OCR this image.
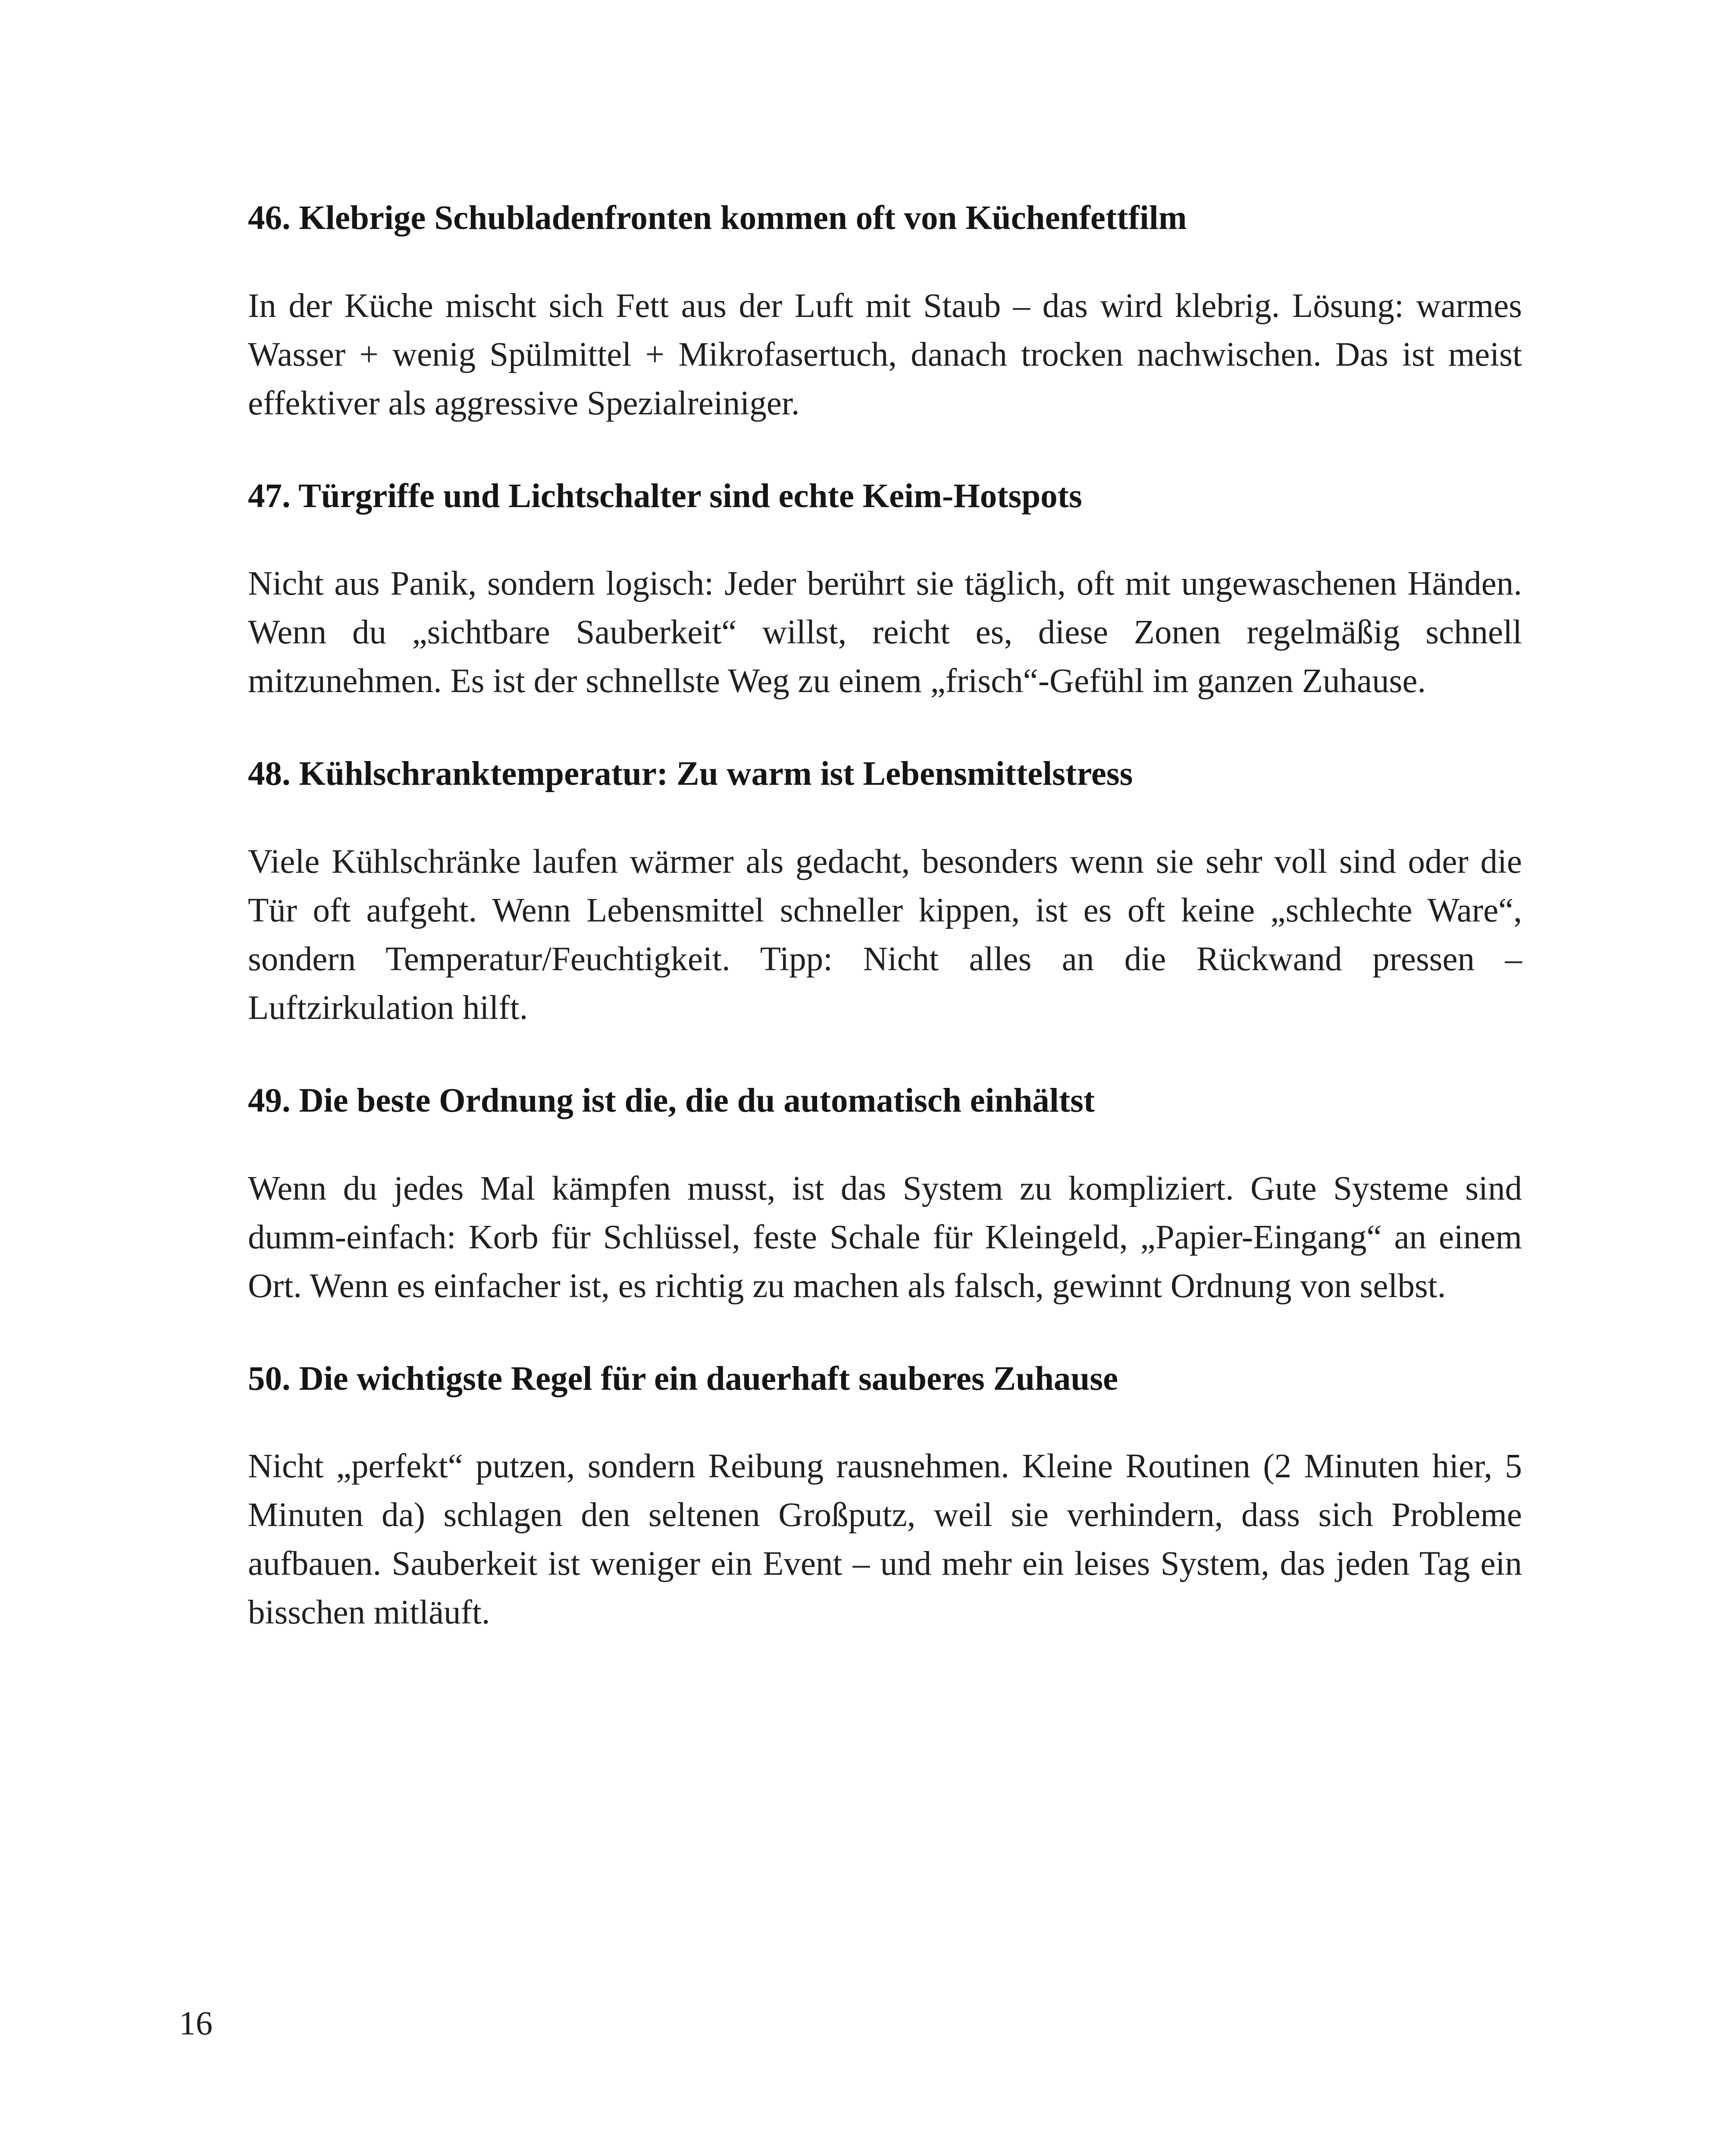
46. Klebrige Schubladenfronten kommen oft von Küchenfettfilm

In der Küche mischt sich Fett aus der Luft mit Staub – das wird klebrig. Lösung: warmes Wasser + wenig Spülmittel + Mikrofasertuch, danach trocken nachwischen. Das ist meist effektiver als aggressive Spezialreiniger.

47. Türgriffe und Lichtschalter sind echte Keim-Hotspots

Nicht aus Panik, sondern logisch: Jeder berührt sie täglich, oft mit ungewaschenen Händen. Wenn du „sichtbare Sauberkeit“ willst, reicht es, diese Zonen regelmäßig schnell mitzunehmen. Es ist der schnellste Weg zu einem „frisch“-Gefühl im ganzen Zuhause.

48. Kühlschranktemperatur: Zu warm ist Lebensmittelstress

Viele Kühlschränke laufen wärmer als gedacht, besonders wenn sie sehr voll sind oder die Tür oft aufgeht. Wenn Lebensmittel schneller kippen, ist es oft keine „schlechte Ware“, sondern Temperatur/Feuchtigkeit. Tipp: Nicht alles an die Rückwand pressen – Luftzirkulation hilft.

49. Die beste Ordnung ist die, die du automatisch einhältst

Wenn du jedes Mal kämpfen musst, ist das System zu kompliziert. Gute Systeme sind dumm-einfach: Korb für Schlüssel, feste Schale für Kleingeld, „Papier-Eingang“ an einem Ort. Wenn es einfacher ist, es richtig zu machen als falsch, gewinnt Ordnung von selbst.

50. Die wichtigste Regel für ein dauerhaft sauberes Zuhause

Nicht „perfekt“ putzen, sondern Reibung rausnehmen. Kleine Routinen (2 Minuten hier, 5 Minuten da) schlagen den seltenen Großputz, weil sie verhindern, dass sich Probleme aufbauen. Sauberkeit ist weniger ein Event – und mehr ein leises System, das jeden Tag ein bisschen mitläuft.

16
